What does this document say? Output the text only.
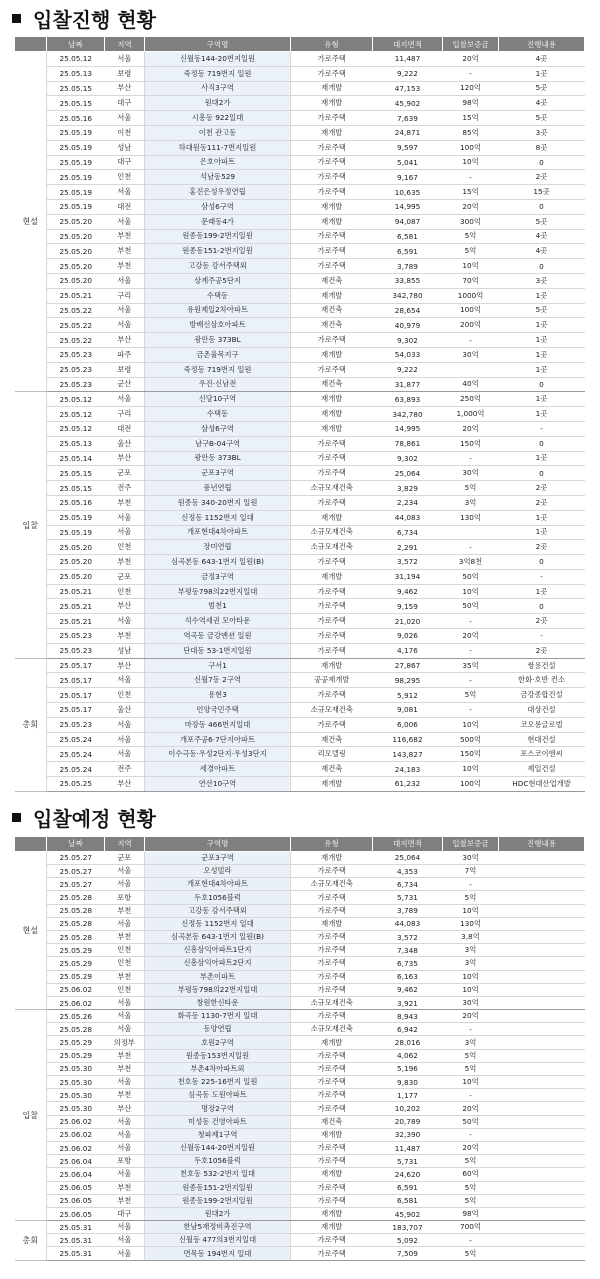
입찰진행 현황
	날짜	지역	구역명	유형	대지면적	입찰보증금	진행내용
현설	25.05.12	서울	신월동144-20번지일원	가로주택	11,487	20억	4곳
	25.05.13	보령	죽정동 719번지 일원	가로주택	9,222	-	1곳
	25.05.15	부산	사직3구역	재개발	47,153	120억	5곳
	25.05.15	대구	원대2가	재개발	45,902	98억	4곳
	25.05.16	서울	시흥동 922일대	가로주택	7,639	15억	5곳
	25.05.19	이천	이천 관고동	재개발	24,871	85억	3곳
	25.05.19	성남	하대원동111-7번지일원	가로주택	9,597	100억	8곳
	25.05.19	대구	은호아파트	가로주택	5,041	10억	0
	25.05.19	인천	석남동529	가로주택	9,167	-	2곳
	25.05.19	서울	홍진은성우정연립	가로주택	10,635	15억	15곳
	25.05.19	대전	삼성6구역	재개발	14,995	20억	0
	25.05.20	서울	문래동4가	재개발	94,087	300억	5곳
	25.05.20	부천	원종동199-2번지일원	가로주택	6,581	5억	4곳
	25.05.20	부천	원종동151-2번지일원	가로주택	6,591	5억	4곳
	25.05.20	부천	고강동 강서주택외	가로주택	3,789	10억	0
	25.05.20	서울	상계주공5단지	재건축	33,855	70억	3곳
	25.05.21	구리	수택동	재개발	342,780	1000억	1곳
	25.05.22	서울	유원제일2차아파트	재건축	28,654	100억	5곳
	25.05.22	서울	방배신삼호아파트	재건축	40,979	200억	1곳
	25.05.22	부산	광안동 373BL	가로주택	9,302	-	1곳
	25.05.23	파주	금촌율목지구	재개발	54,033	30억	1곳
	25.05.23	보령	죽정동 719번지 일원	가로주택	9,222		1곳
	25.05.23	군산	우진·신남전	재건축	31,877	40억	0
입찰	25.05.12	서울	신당10구역	재개발	63,893	250억	1곳
	25.05.12	구리	수택동	재개발	342,780	1,000억	1곳
	25.05.12	대전	삼성6구역	재개발	14,995	20억	-
	25.05.13	울산	남구B-04구역	가로주택	78,861	150억	0
	25.05.14	부산	광안동 373BL	가로주택	9,302	-	1곳
	25.05.15	군포	군포3구역	가로주택	25,064	30억	0
	25.05.15	전주	풍년연립	소규모재건축	3,829	5억	2곳
	25.05.16	부천	원종동 340-20번지 일원	가로주택	2,234	3억	2곳
	25.05.19	서울	신정동 1152번지 일대	재개발	44,083	130억	1곳
	25.05.19	서울	개포현대4차아파트	소규모재건축	6,734		1곳
	25.05.20	인천	장미연립	소규모재건축	2,291	-	2곳
	25.05.20	부천	심곡본동 643-1번지 일원(B)	가로주택	3,572	3억8천	0
	25.05.20	군포	금정3구역	재개발	31,194	50억	-
	25.05.21	인천	부평동798의22번지일대	가로주택	9,462	10억	1곳
	25.05.21	부산	범천1	가로주택	9,159	50억	0
	25.05.21	서울	석수역세권 모아타운	가로주택	21,020	-	2곳
	25.05.23	부천	역곡동 금강맨션 일원	가로주택	9,026	20억	-
	25.05.23	성남	단대동 53-1번지일원	가로주택	4,176	-	2곳
총회	25.05.17	부산	구서1	재개발	27,867	35억	쌍용건설
	25.05.17	서울	신월7동 2구역	공공재개발	98,295	-	한화·호반 컨소
	25.05.17	인천	용현3	가로주택	5,912	5억	금강종합건설
	25.05.17	울산	언양국민주택	소규모재건축	9,081	-	대상건설
	25.05.23	서울	마장동 466번지일대	가로주택	6,006	10억	코오롱글로벌
	25.05.24	서울	개포주공6·7단지아파트	재건축	116,682	500억	현대건설
	25.05.24	서울	이수극동·우성2단지·우성3단지	리모델링	143,827	150억	포스코이앤씨
	25.05.24	전주	세경아파트	재건축	24,183	10억	제일건설
	25.05.25	부산	연산10구역	재개발	61,232	100억	HDC현대산업개발
입찰예정 현황
	날짜	지역	구역명	유형	대지면적	입찰보증금	진행내용
현설	25.05.27	군포	군포3구역	재개발	25,064	30억	
	25.05.27	서울	오성빌라	가로주택	4,353	7억	
	25.05.27	서울	개포현대4차아파트	소규모재건축	6,734	-	
	25.05.28	포항	두호1056블럭	가로주택	5,731	5억	
	25.05.28	부천	고강동 강서주택외	가로주택	3,789	10억	
	25.05.28	서울	신정동 1152번지 일대	재개발	44,083	130억	
	25.05.28	부천	심곡본동 643-1번지 일원(B)	가로주택	3,572	3,8억	
	25.05.29	인천	신흥삼익아파트1단지	가로주택	7,348	3억	
	25.05.29	인천	신흥삼익아파트2단지	가로주택	6,735	3억	
	25.05.29	부천	부촌이파트	가로주택	6,163	10억	
	25.06.02	인천	부평동798의22번지일대	가로주택	9,462	10억	
	25.06.02	서울	창원한신타운	소규모재건축	3,921	30억	
입찰	25.05.26	서울	화곡동 1130-7번지 일대	가로주택	8,943	20억	
	25.05.28	서울	동양연립	소규모재건축	6,942	-	
	25.05.29	의정부	호원2구역	재개발	28,016	3억	
	25.05.29	부천	원종동153번지일원	가로주택	4,062	5억	
	25.05.30	부천	부촌4차아파트외	가로주택	5,196	5억	
	25.05.30	서울	천호동 225-16번지 일원	가로주택	9,830	10억	
	25.05.30	부천	심곡동 도원아파트	가로주택	1,177	-	
	25.05.30	부산	명장2구역	가로주택	10,202	20억	
	25.06.02	서울	미성동 건영아파트	재건축	20,789	50억	
	25.06.02	서울	청파제1구역	재개발	32,390	-	
	25.06.02	서울	신월동144-20번지일원	가로주택	11,487	20억	
	25.06.04	포항	두호1056블럭	가로주택	5,731	5억	
	25.06.04	서울	천호동 532-2번지 일대	재개발	24,620	60억	
	25.06.05	부천	원종동151-2번지일원	가로주택	6,591	5억	
	25.06.05	부천	원종동199-2번지일원	가로주택	6,581	5억	
	25.06.05	대구	원대2가	재개발	45,902	98억	
총회	25.05.31	서울	한남5재정비촉진구역	재개발	183,707	700억	
	25.05.31	서울	신월동 477의3번지일대	가로주택	5,092	-	
	25.05.31	서울	면목동 194번지 일대	가로주택	7,509	5억	
